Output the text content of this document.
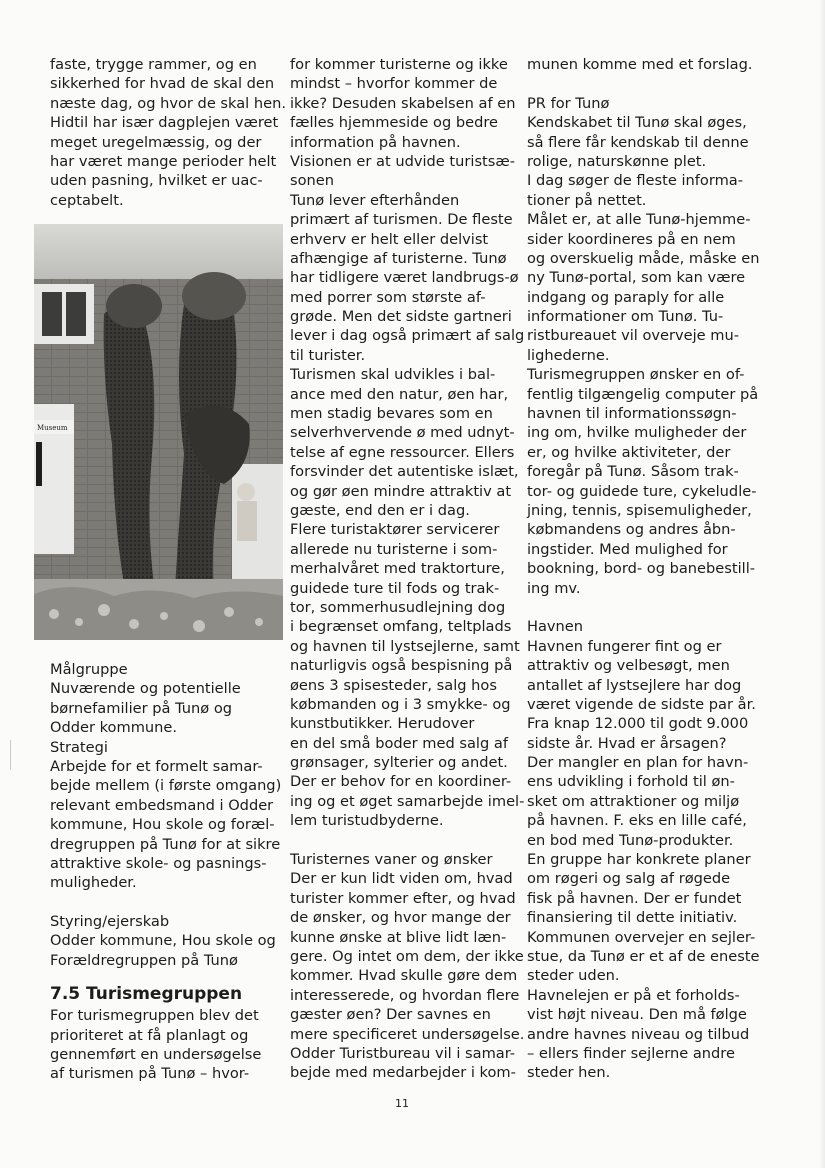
faste, trygge rammer, og en
sikkerhed for hvad de skal den
næste dag, og hvor de skal hen.
Hidtil har især dagplejen været
meget uregelmæssig, og der
har været mange perioder helt
uden pasning, hvilket er uac-
ceptabelt.
Museum
Målgruppe
Nuværende og potentielle
børnefamilier på Tunø og
Odder kommune.
Strategi
Arbejde for et formelt samar-
bejde mellem (i første omgang)
relevant embedsmand i Odder
kommune, Hou skole og foræl-
dregruppen på Tunø for at sikre
attraktive skole- og pasnings-
muligheder.
Styring/ejerskab
Odder kommune, Hou skole og
Forældregruppen på Tunø
7.5 Turismegruppen
For turismegruppen blev det
prioriteret at få planlagt og
gennemført en undersøgelse
af turismen på Tunø – hvor-
for kommer turisterne og ikke
mindst – hvorfor kommer de
ikke? Desuden skabelsen af en
fælles hjemmeside og bedre
information på havnen.
Visionen er at udvide turistsæ-
sonen
Tunø lever efterhånden
primært af turismen. De fleste
erhverv er helt eller delvist
afhængige af turisterne. Tunø
har tidligere været landbrugs-ø
med porrer som største af-
grøde. Men det sidste gartneri
lever i dag også primært af salg
til turister.
Turismen skal udvikles i bal-
ance med den natur, øen har,
men stadig bevares som en
selverhvervende ø med udnyt-
telse af egne ressourcer. Ellers
forsvinder det autentiske islæt,
og gør øen mindre attraktiv at
gæste, end den er i dag.
Flere turistaktører servicerer
allerede nu turisterne i som-
merhalvåret med traktorture,
guidede ture til fods og trak-
tor, sommerhusudlejning dog
i begrænset omfang, teltplads
og havnen til lystsejlerne, samt
naturligvis også bespisning på
øens 3 spisesteder, salg hos
købmanden og i 3 smykke- og
kunstbutikker. Herudover
en del små boder med salg af
grønsager, sylterier og andet.
Der er behov for en koordiner-
ing og et øget samarbejde imel-
lem turistudbyderne.
Turisternes vaner og ønsker
Der er kun lidt viden om, hvad
turister kommer efter, og hvad
de ønsker, og hvor mange der
kunne ønske at blive lidt læn-
gere. Og intet om dem, der ikke
kommer. Hvad skulle gøre dem
interesserede, og hvordan flere
gæster øen? Der savnes en
mere specificeret undersøgelse.
Odder Turistbureau vil i samar-
bejde med medarbejder i kom-
munen komme med et forslag.
PR for Tunø
Kendskabet til Tunø skal øges,
så flere får kendskab til denne
rolige, naturskønne plet.
I dag søger de fleste informa-
tioner på nettet.
Målet er, at alle Tunø-hjemme-
sider koordineres på en nem
og overskuelig måde, måske en
ny Tunø-portal, som kan være
indgang og paraply for alle
informationer om Tunø. Tu-
ristbureauet vil overveje mu-
lighederne.
Turismegruppen ønsker en of-
fentlig tilgængelig computer på
havnen til informationssøgn-
ing om, hvilke muligheder der
er, og hvilke aktiviteter, der
foregår på Tunø. Såsom trak-
tor- og guidede ture, cykeludle-
jning, tennis, spisemuligheder,
købmandens og andres åbn-
ingstider. Med mulighed for
bookning, bord- og banebestill-
ing mv.
Havnen
Havnen fungerer fint og er
attraktiv og velbesøgt, men
antallet af lystsejlere har dog
været vigende de sidste par år.
Fra knap 12.000 til godt 9.000
sidste år. Hvad er årsagen?
Der mangler en plan for havn-
ens udvikling i forhold til øn-
sket om attraktioner og miljø
på havnen. F. eks en lille café,
en bod med Tunø-produkter.
En gruppe har konkrete planer
om røgeri og salg af røgede
fisk på havnen. Der er fundet
finansiering til dette initiativ.
Kommunen overvejer en sejler-
stue, da Tunø er et af de eneste
steder uden.
Havnelejen er på et forholds-
vist højt niveau. Den må følge
andre havnes niveau og tilbud
– ellers finder sejlerne andre
steder hen.
11
